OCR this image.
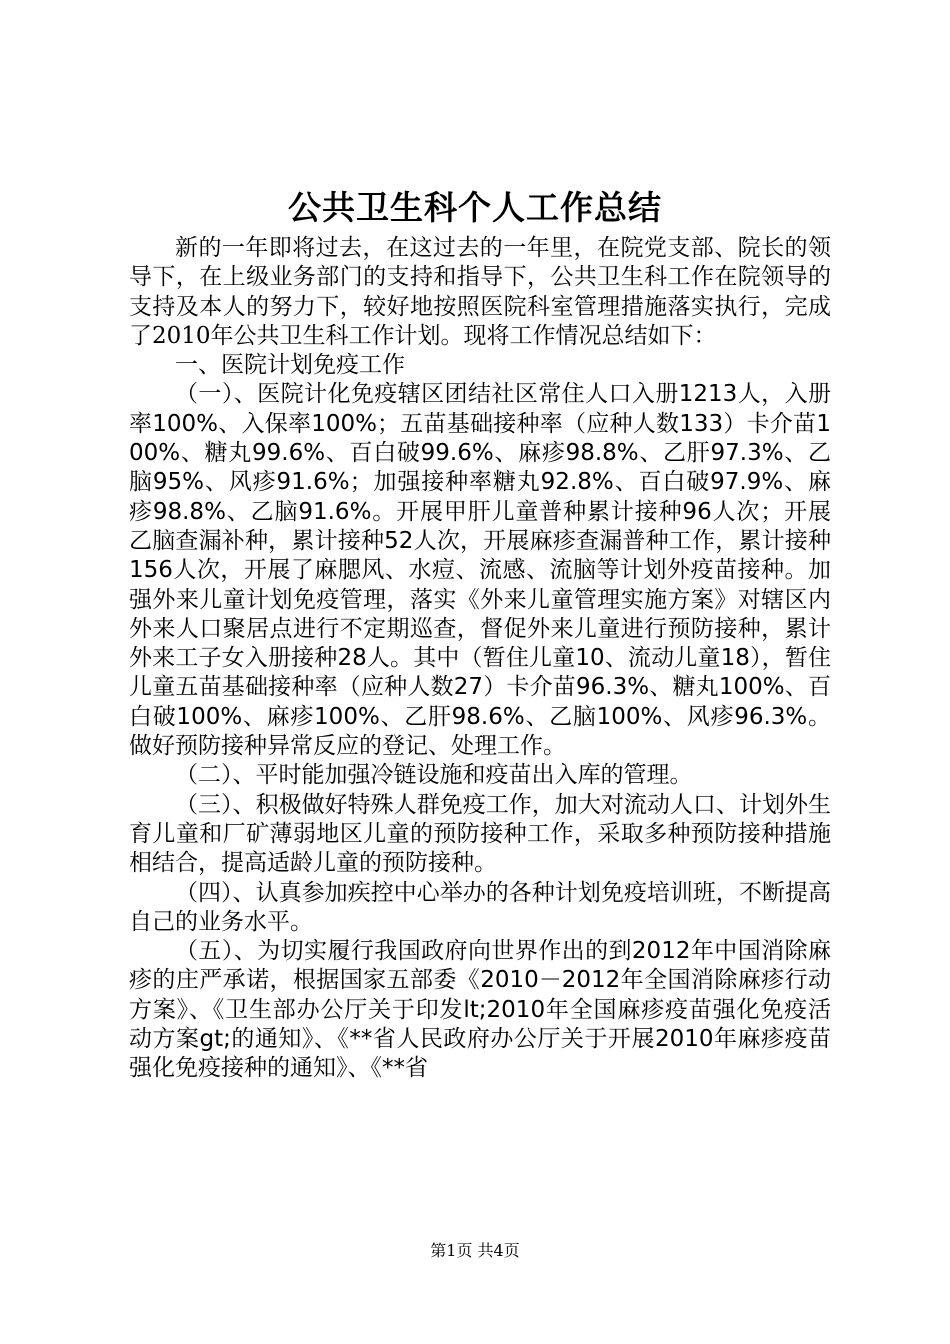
公共卫生科个人工作总结

新的一年即将过去，在这过去的一年里，在院党支部、院长的领导下，在上级业务部门的支持和指导下，公共卫生科工作在院领导的支持及本人的努力下，较好地按照医院科室管理措施落实执行，完成了2010年公共卫生科工作计划。现将工作情况总结如下：

一、医院计划免疫工作

（一）、医院计化免疫辖区团结社区常住人口入册1213人，入册率100%、入保率100%；五苗基础接种率（应种人数133）卡介苗100%、糖丸99.6%、百白破99.6%、麻疹98.8%、乙肝97.3%、乙脑95%、风疹91.6%；加强接种率糖丸92.8%、百白破97.9%、麻疹98.8%、乙脑91.6%。开展甲肝儿童普种累计接种96人次；开展乙脑查漏补种，累计接种52人次，开展麻疹查漏普种工作，累计接种156人次，开展了麻腮风、水痘、流感、流脑等计划外疫苗接种。加强外来儿童计划免疫管理，落实《外来儿童管理实施方案》对辖区内外来人口聚居点进行不定期巡查，督促外来儿童进行预防接种，累计外来工子女入册接种28人。其中（暂住儿童10、流动儿童18），暂住儿童五苗基础接种率（应种人数27）卡介苗96.3%、糖丸100%、百白破100%、麻疹100%、乙肝98.6%、乙脑100%、风疹96.3%。做好预防接种异常反应的登记、处理工作。

（二）、平时能加强冷链设施和疫苗出入库的管理。

（三）、积极做好特殊人群免疫工作，加大对流动人口、计划外生育儿童和厂矿薄弱地区儿童的预防接种工作，采取多种预防接种措施相结合，提高适龄儿童的预防接种。

（四）、认真参加疾控中心举办的各种计划免疫培训班，不断提高自己的业务水平。

（五）、为切实履行我国政府向世界作出的到2012年中国消除麻疹的庄严承诺，根据国家五部委《2010－2012年全国消除麻疹行动方案》、《卫生部办公厅关于印发lt;2010年全国麻疹疫苗强化免疫活动方案gt;的通知》、《**省人民政府办公厅关于开展2010年麻疹疫苗强化免疫接种的通知》、《**省

第1页 共4页
